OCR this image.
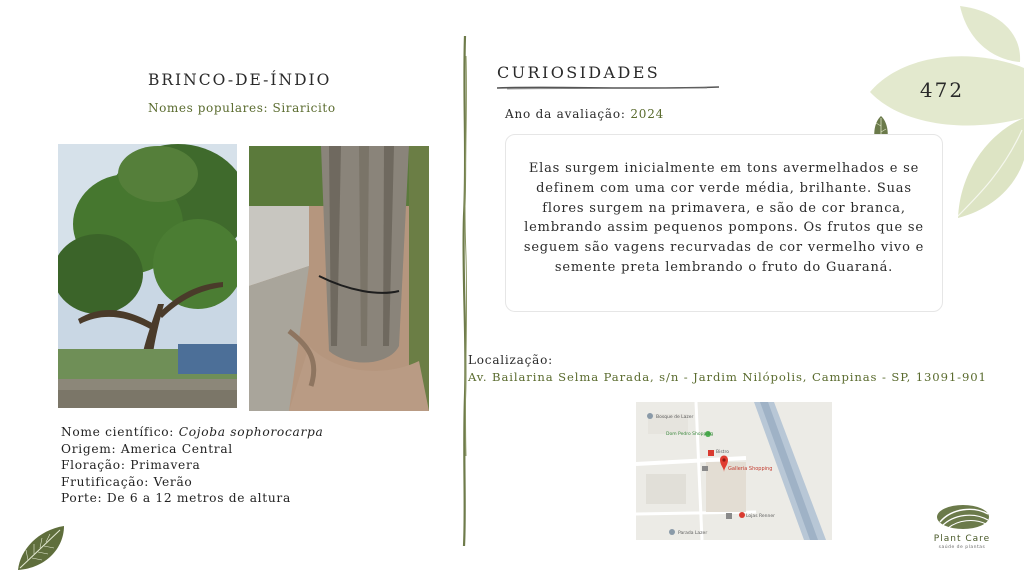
472
BRINCO-DE-ÍNDIO
Nomes populares: Siraricito
Nome científico: Cojoba sophorocarpa
Origem: America Central
Floração: Primavera
Frutificação: Verão
Porte: De 6 a 12 metros de altura
CURIOSIDADES
Ano da avaliação: 2024
Elas surgem inicialmente em tons avermelhados e se definem com uma cor verde média, brilhante. Suas flores surgem na primavera, e são de cor branca, lembrando assim pequenos pompons. Os frutos que se seguem são vagens recurvadas de cor vermelho vivo e semente preta lembrando o fruto do Guaraná.
Localização:
Av. Bailarina Selma Parada, s/n - Jardim Nilópolis, Campinas - SP, 13091-901
Bosque de Lazer
Dom Pedro Shopping
Bistro
Galleria Shopping
Lojas Renner
Parada Lazer
Plant Care
saúde de plantas
